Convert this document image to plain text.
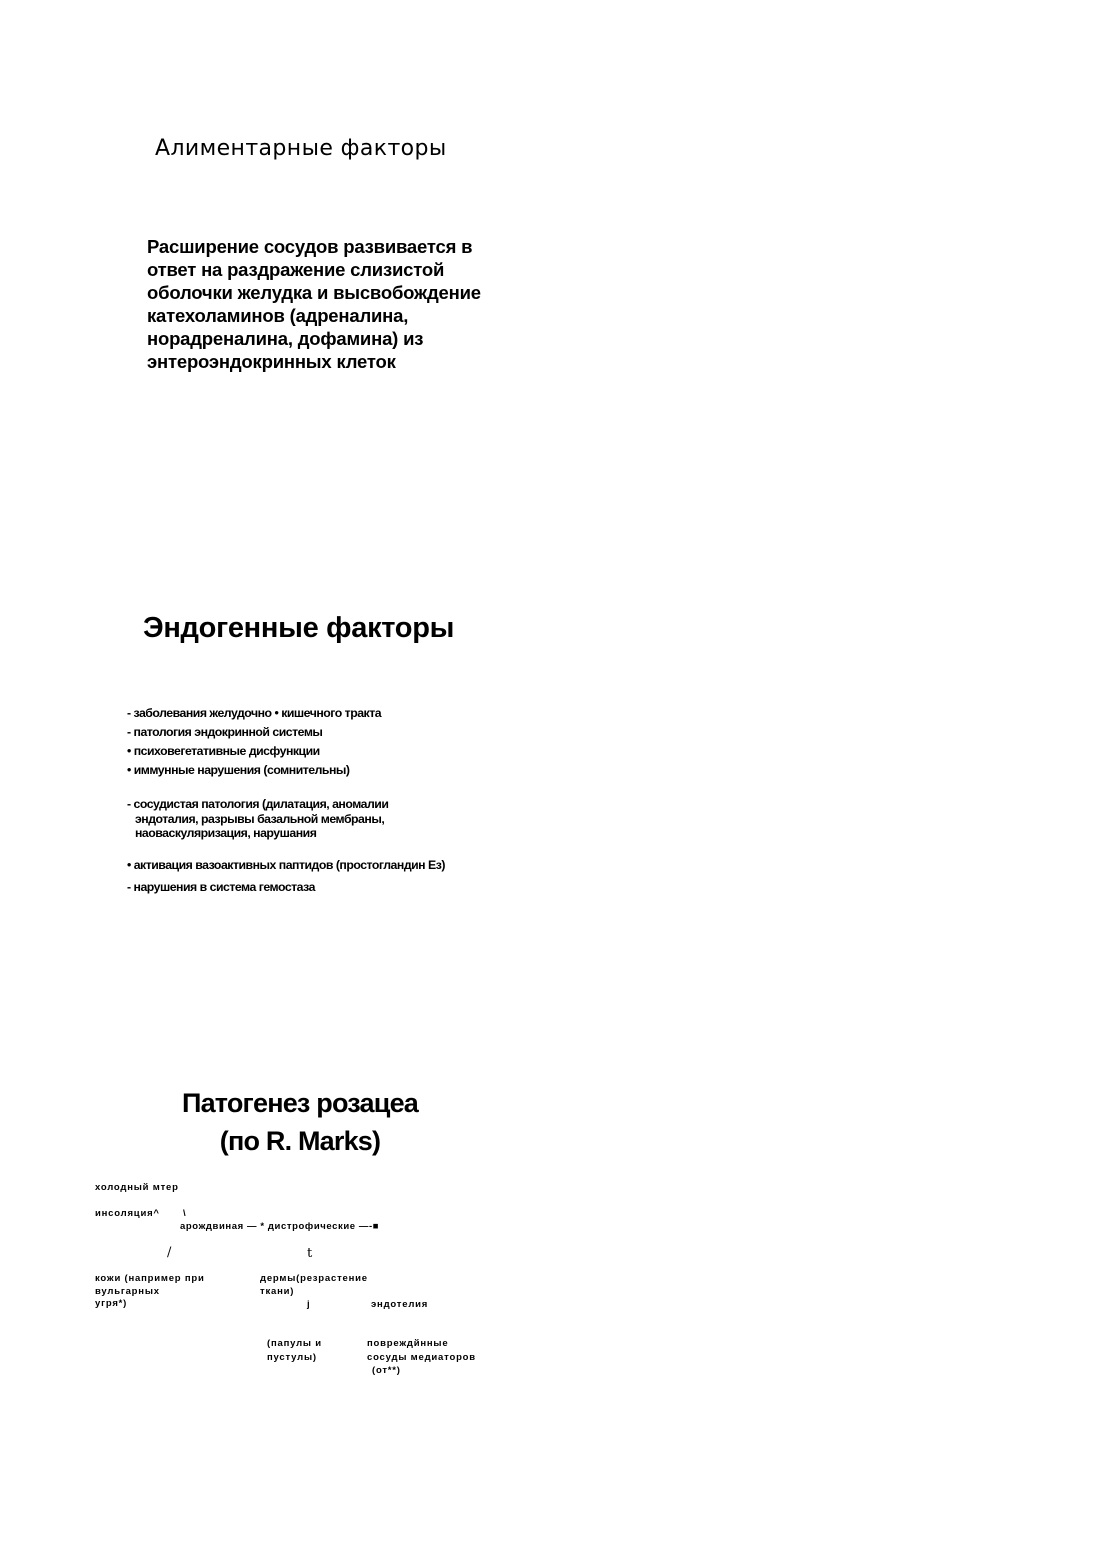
Алиментарные факторы
Расширение сосудов развивается в
ответ на раздражение слизистой
оболочки желудка и высвобождение
катехоламинов (адреналина,
норадреналина, дофамина) из
энтероэндокринных клеток
Эндогенные факторы
- заболевания желудочно • кишечного тракта
- патология эндокринной системы
• психовегетативные дисфункции
• иммунные нарушения (сомнительны)
- сосудистая патология (дилатация, аномалии
эндоталия, разрывы базальной мембраны,
наоваскуляризация, нарушания
• активация вазоактивных паптидов (простогландин Ез)
- нарушения в система гемостаза
Патогенез розацеа
(по R. Marks)
холодный мтер
инсоляция^ \
арождвиная — * дистрофические —-■
/	t
кожи (например при
вульгарных
угря*)
дермы(резрастение
ткани)
j	эндотелия
(папулы и
пустулы)
повреждйнные
сосуды медиаторов
(от**)
